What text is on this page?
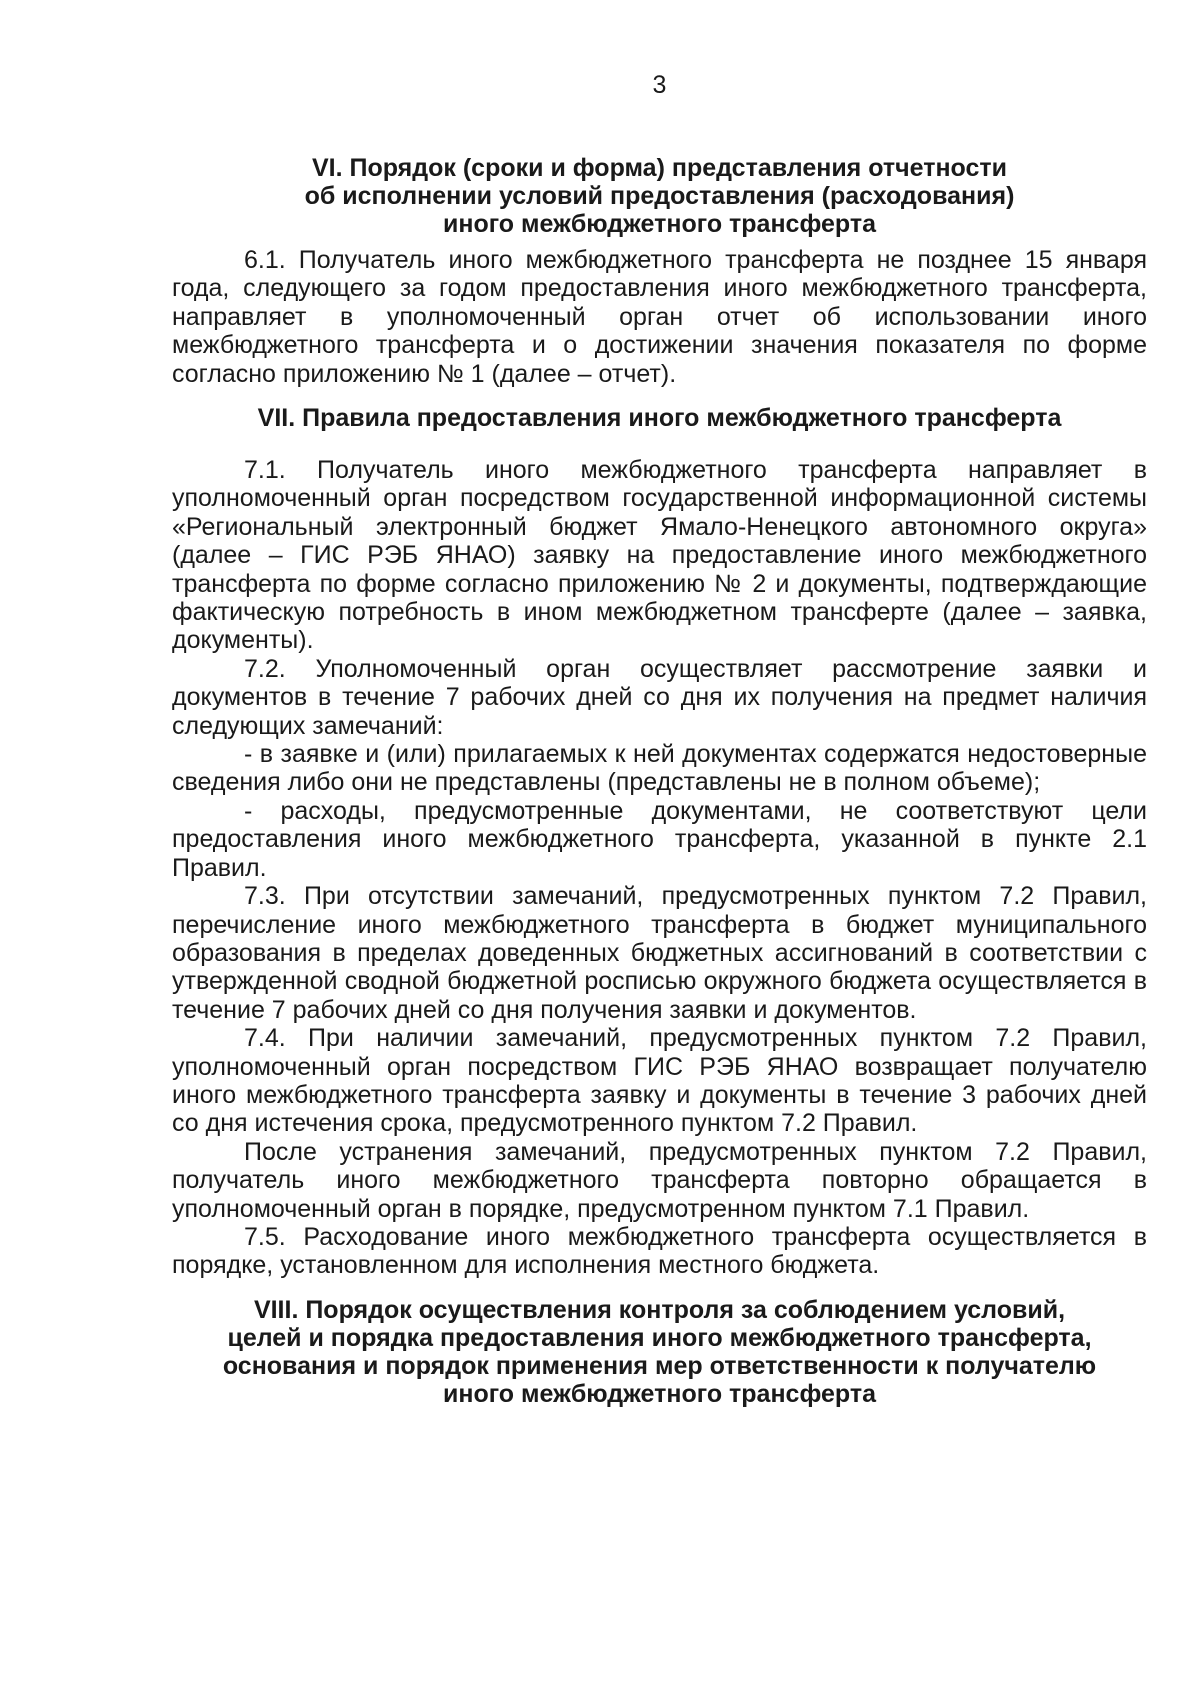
3
VI. Порядок (сроки и форма) представления отчетности
об исполнении условий предоставления (расходования)
иного межбюджетного трансферта

6.1. Получатель иного межбюджетного трансферта не позднее 15 января года, следующего за годом предоставления иного межбюджетного трансферта, направляет в уполномоченный орган отчет об использовании иного межбюджетного трансферта и о достижении значения показателя по форме согласно приложению № 1 (далее – отчет).

VII. Правила предоставления иного межбюджетного трансферта

7.1. Получатель иного межбюджетного трансферта направляет в уполномоченный орган посредством государственной информационной системы «Региональный электронный бюджет Ямало-Ненецкого автономного округа» (далее – ГИС РЭБ ЯНАО) заявку на предоставление иного межбюджетного трансферта по форме согласно приложению № 2 и документы, подтверждающие фактическую потребность в ином межбюджетном трансферте (далее – заявка, документы).

7.2. Уполномоченный орган осуществляет рассмотрение заявки и документов в течение 7 рабочих дней со дня их получения на предмет наличия следующих замечаний:

- в заявке и (или) прилагаемых к ней документах содержатся недостоверные сведения либо они не представлены (представлены не в полном объеме);

- расходы, предусмотренные документами, не соответствуют цели предоставления иного межбюджетного трансферта, указанной в пункте 2.1 Правил.

7.3. При отсутствии замечаний, предусмотренных пунктом 7.2 Правил, перечисление иного межбюджетного трансферта в бюджет муниципального образования в пределах доведенных бюджетных ассигнований в соответствии с утвержденной сводной бюджетной росписью окружного бюджета осуществляется в течение 7 рабочих дней со дня получения заявки и документов.

7.4. При наличии замечаний, предусмотренных пунктом 7.2 Правил, уполномоченный орган посредством ГИС РЭБ ЯНАО возвращает получателю иного межбюджетного трансферта заявку и документы в течение 3 рабочих дней со дня истечения срока, предусмотренного пунктом 7.2 Правил.

После устранения замечаний, предусмотренных пунктом 7.2 Правил, получатель иного межбюджетного трансферта повторно обращается в уполномоченный орган в порядке, предусмотренном пунктом 7.1 Правил.

7.5. Расходование иного межбюджетного трансферта осуществляется в порядке, установленном для исполнения местного бюджета.

VIII. Порядок осуществления контроля за соблюдением условий,
целей и порядка предоставления иного межбюджетного трансферта,
основания и порядок применения мер ответственности к получателю
иного межбюджетного трансферта
